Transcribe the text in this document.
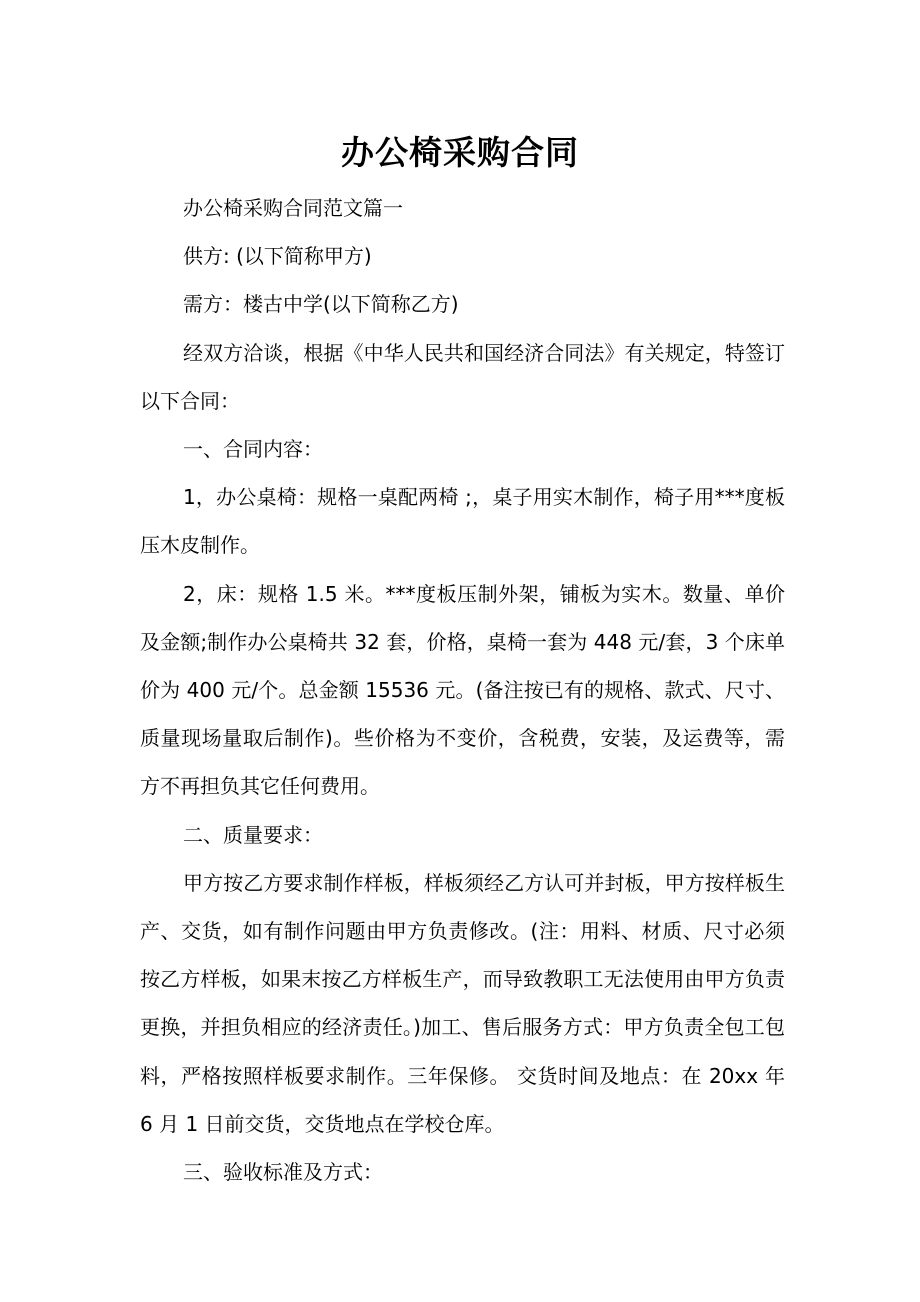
办公椅采购合同

办公椅采购合同范文篇一

供方: (以下简称甲方)

需方：楼古中学(以下简称乙方)

经双方洽谈，根据《中华人民共和国经济合同法》有关规定，特签订以下合同：

一、合同内容：

1，办公桌椅：规格一桌配两椅 ;，桌子用实木制作，椅子用***度板压木皮制作。

2，床：规格 1.5 米。***度板压制外架，铺板为实木。数量、单价及金额;制作办公桌椅共 32 套，价格，桌椅一套为 448 元/套，3 个床单价为 400 元/个。总金额 15536 元。(备注按已有的规格、款式、尺寸、质量现场量取后制作)。些价格为不变价，含税费，安装，及运费等，需方不再担负其它任何费用。

二、质量要求：

甲方按乙方要求制作样板，样板须经乙方认可并封板，甲方按样板生产、交货，如有制作问题由甲方负责修改。(注：用料、材质、尺寸必须按乙方样板，如果末按乙方样板生产，而导致教职工无法使用由甲方负责更换，并担负相应的经济责任。)加工、售后服务方式：甲方负责全包工包料，严格按照样板要求制作。三年保修。 交货时间及地点：在 20xx 年 6 月 1 日前交货，交货地点在学校仓库。

三、验收标准及方式：
